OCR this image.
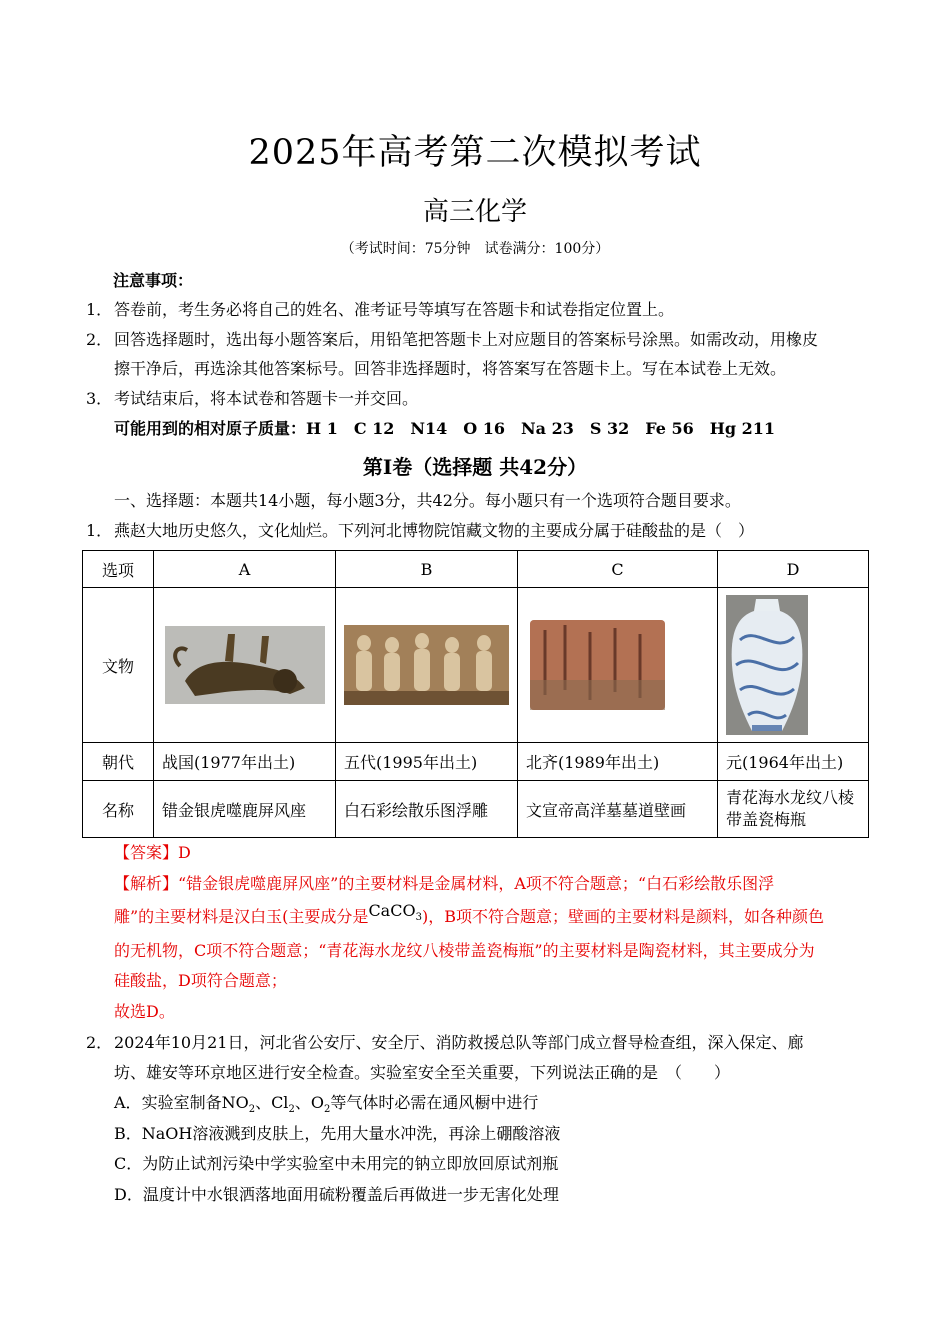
2025年高考第二次模拟考试
高三化学
（考试时间：75分钟　试卷满分：100分）
注意事项：
1． 答卷前，考生务必将自己的姓名、准考证号等填写在答题卡和试卷指定位置上。
2． 回答选择题时，选出每小题答案后，用铅笔把答题卡上对应题目的答案标号涂黑。如需改动，用橡皮
擦干净后，再选涂其他答案标号。回答非选择题时，将答案写在答题卡上。写在本试卷上无效。
3． 考试结束后，将本试卷和答题卡一并交回。
可能用到的相对原子质量：H 1　C 12　N14　O 16　Na 23　S 32　Fe 56　Hg 211
第Ⅰ卷（选择题 共42分）
一、选择题：本题共14小题，每小题3分，共42分。每小题只有一个选项符合题目要求。
1． 燕赵大地历史悠久，文化灿烂。下列河北博物院馆藏文物的主要成分属于硅酸盐的是（　）
选项	A	B	C	D
文物	

朝代	战国(1977年出土)	五代(1995年出土)	北齐(1989年出土)	元(1964年出土)
名称	错金银虎噬鹿屏风座	白石彩绘散乐图浮雕	文宣帝高洋墓墓道壁画	青花海水龙纹八棱
带盖瓷梅瓶
【答案】D
【解析】“错金银虎噬鹿屏风座”的主要材料是金属材料，A项不符合题意；“白石彩绘散乐图浮
雕”的主要材料是汉白玉(主要成分是CaCO$_3$)，B项不符合题意；壁画的主要材料是颜料，如各种颜色
的无机物，C项不符合题意；“青花海水龙纹八棱带盖瓷梅瓶”的主要材料是陶瓷材料，其主要成分为
硅酸盐，D项符合题意；
故选D。
2． 2024年10月21日，河北省公安厅、安全厅、消防救援总队等部门成立督导检查组，深入保定、廊
坊、雄安等环京地区进行安全检查。实验室安全至关重要，下列说法正确的是　（　　）
A．实验室制备$NO_2$、$Cl_2$、$O_2$等气体时必需在通风橱中进行
B．NaOH溶液溅到皮肤上，先用大量水冲洗，再涂上硼酸溶液
C．为防止试剂污染中学实验室中未用完的钠立即放回原试剂瓶
D．温度计中水银洒落地面用硫粉覆盖后再做进一步无害化处理
